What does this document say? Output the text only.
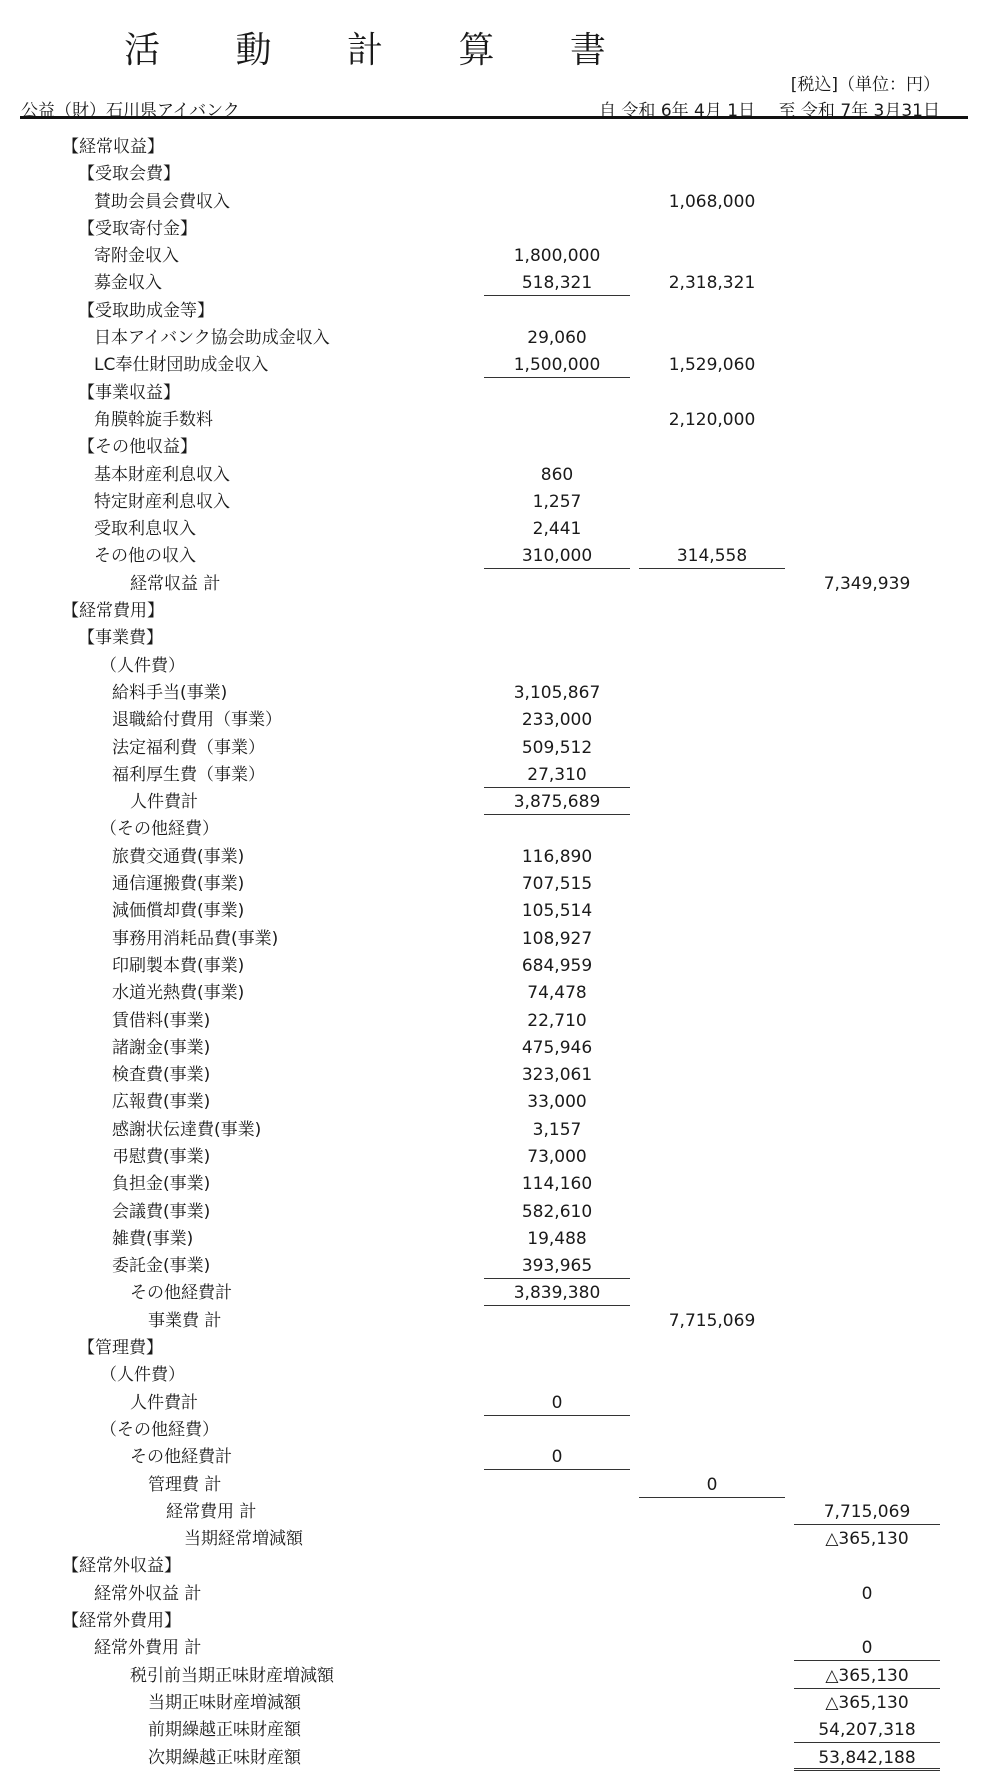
活 動 計 算 書
[税込]（単位：円）
公益（財）石川県アイバンク	自 令和 6年 4月 1日 至 令和 7年 3月31日
【経常収益】
【受取会費】
賛助会員会費収入	1,068,000
【受取寄付金】
寄附金収入	1,800,000
募金収入	518,321	2,318,321
【受取助成金等】
日本アイバンク協会助成金収入	29,060
LC奉仕財団助成金収入	1,500,000	1,529,060
【事業収益】
角膜斡旋手数料	2,120,000
【その他収益】
基本財産利息収入	860
特定財産利息収入	1,257
受取利息収入	2,441
その他の収入	310,000	314,558
経常収益 計	7,349,939
【経常費用】
【事業費】
（人件費）
給料手当(事業)	3,105,867
退職給付費用（事業）	233,000
法定福利費（事業）	509,512
福利厚生費（事業）	27,310
人件費計	3,875,689
（その他経費）
旅費交通費(事業)	116,890
通信運搬費(事業)	707,515
減価償却費(事業)	105,514
事務用消耗品費(事業)	108,927
印刷製本費(事業)	684,959
水道光熱費(事業)	74,478
賃借料(事業)	22,710
諸謝金(事業)	475,946
検査費(事業)	323,061
広報費(事業)	33,000
感謝状伝達費(事業)	3,157
弔慰費(事業)	73,000
負担金(事業)	114,160
会議費(事業)	582,610
雑費(事業)	19,488
委託金(事業)	393,965
その他経費計	3,839,380
事業費 計	7,715,069
【管理費】
（人件費）
人件費計	0
（その他経費）
その他経費計	0
管理費 計	0
経常費用 計	7,715,069
当期経常増減額	△365,130
【経常外収益】
経常外収益 計	0
【経常外費用】
経常外費用 計	0
税引前当期正味財産増減額	△365,130
当期正味財産増減額	△365,130
前期繰越正味財産額	54,207,318
次期繰越正味財産額	53,842,188
